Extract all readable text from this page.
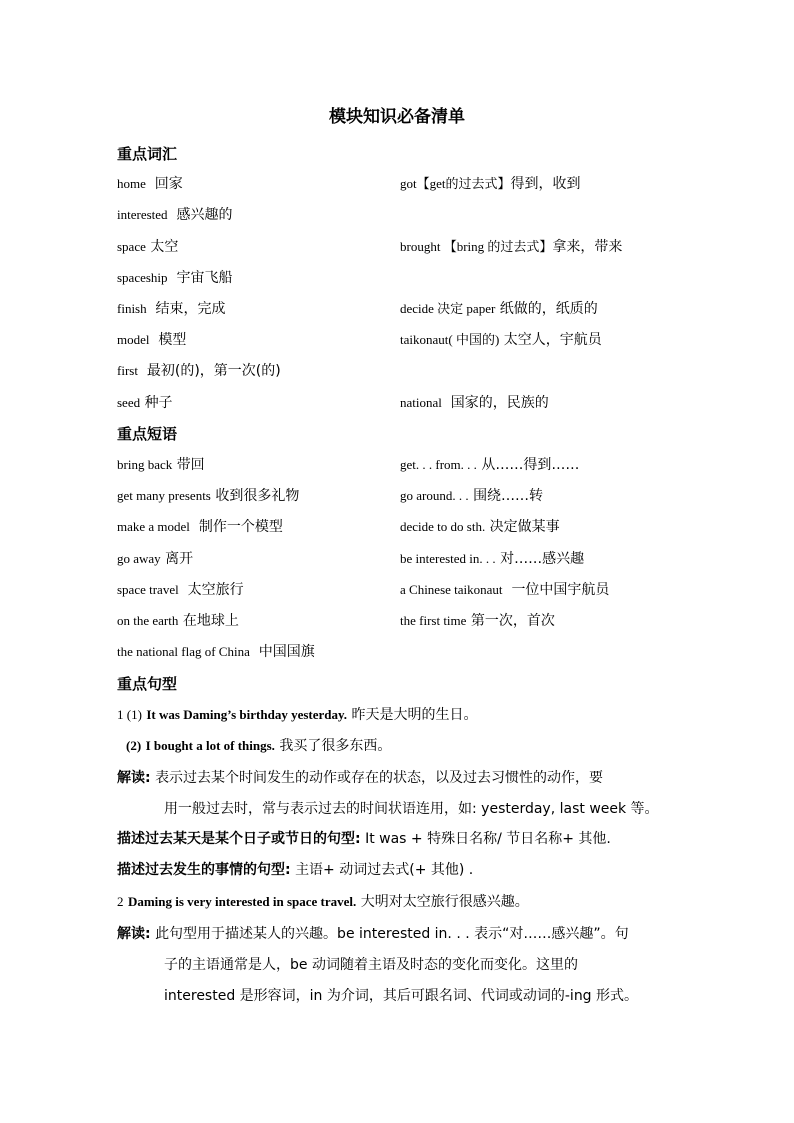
模块知识必备清单
重点词汇
home 回家	got【get的过去式】得到，收到
interested 感兴趣的
space 太空	brought 【bring 的过去式】拿来，带来
spaceship 宇宙飞船
finish 结束，完成	decide 决定 paper 纸做的，纸质的
model 模型	taikonaut( 中国的) 太空人，宇航员
first 最初(的)，第一次(的)
seed 种子	national 国家的，民族的
重点短语
bring back 带回	get. . . from. . . 从……得到……
get many presents 收到很多礼物	go around. . . 围绕……转
make a model 制作一个模型	decide to do sth. 决定做某事
go away 离开	be interested in. . . 对……感兴趣
space travel 太空旅行	a Chinese taikonaut 一位中国宇航员
on the earth 在地球上	the first time 第一次，首次
the national flag of China 中国国旗
重点句型
1 (1) It was Daming’s birthday yesterday. 昨天是大明的生日。
(2) I bought a lot of things. 我买了很多东西。
解读: 表示过去某个时间发生的动作或存在的状态，以及过去习惯性的动作，要
用一般过去时，常与表示过去的时间状语连用，如: yesterday, last week 等。
描述过去某天是某个日子或节日的句型: It was + 特殊日名称/ 节日名称+ 其他.
描述过去发生的事情的句型: 主语+ 动词过去式(+ 其他) .
2 Daming is very interested in space travel. 大明对太空旅行很感兴趣。
解读: 此句型用于描述某人的兴趣。be interested in. . . 表示“对……感兴趣”。句
子的主语通常是人，be 动词随着主语及时态的变化而变化。这里的
interested 是形容词，in 为介词，其后可跟名词、代词或动词的-ing 形式。
